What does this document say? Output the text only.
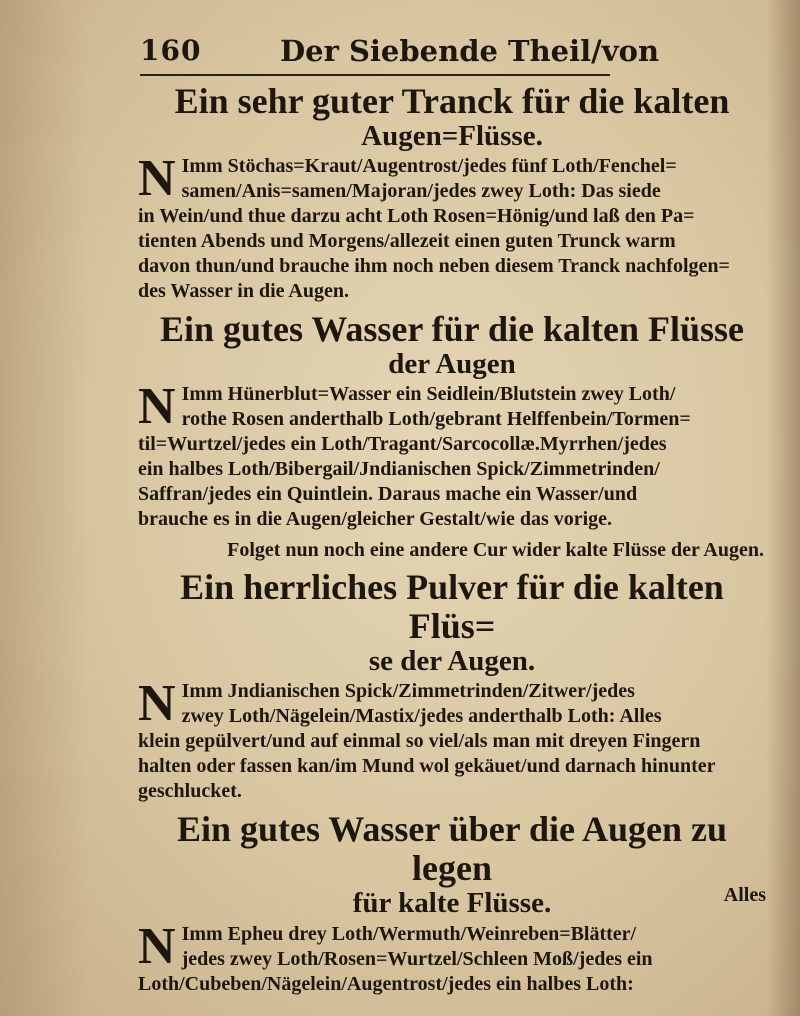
160	Der Siebende Theil/von
Ein sehr guter Tranck für die kalten
Augen=Flüsse.
N Imm Stöchas=Kraut/Augentrost/jedes fünf Loth/Fenchel=
samen/Anis=samen/Majoran/jedes zwey Loth: Das siede
in Wein/und thue darzu acht Loth Rosen=Hönig/und laß den Pa=
tienten Abends und Morgens/allezeit einen guten Trunck warm
davon thun/und brauche ihm noch neben diesem Tranck nachfolgen=
des Wasser in die Augen.
Ein gutes Wasser für die kalten Flüsse
der Augen
N Imm Hünerblut=Wasser ein Seidlein/Blutstein zwey Loth/
rothe Rosen anderthalb Loth/gebrant Helffenbein/Tormen=
til=Wurtzel/jedes ein Loth/Tragant/Sarcocollæ.Myrrhen/jedes
ein halbes Loth/Bibergail/Jndianischen Spick/Zimmetrinden/
Saffran/jedes ein Quintlein. Daraus mache ein Wasser/und
brauche es in die Augen/gleicher Gestalt/wie das vorige.
Folget nun noch eine andere Cur wider kalte Flüsse der Augen.
Ein herrliches Pulver für die kalten Flüs=
se der Augen.
N Imm Jndianischen Spick/Zimmetrinden/Zitwer/jedes
zwey Loth/Nägelein/Mastix/jedes anderthalb Loth: Alles
klein gepülvert/und auf einmal so viel/als man mit dreyen Fingern
halten oder fassen kan/im Mund wol gekäuet/und darnach hinunter
geschlucket.
Ein gutes Wasser über die Augen zu legen
für kalte Flüsse.
N Imm Epheu drey Loth/Wermuth/Weinreben=Blätter/
jedes zwey Loth/Rosen=Wurtzel/Schleen Moß/jedes ein
Loth/Cubeben/Nägelein/Augentrost/jedes ein halbes Loth:
Alles
